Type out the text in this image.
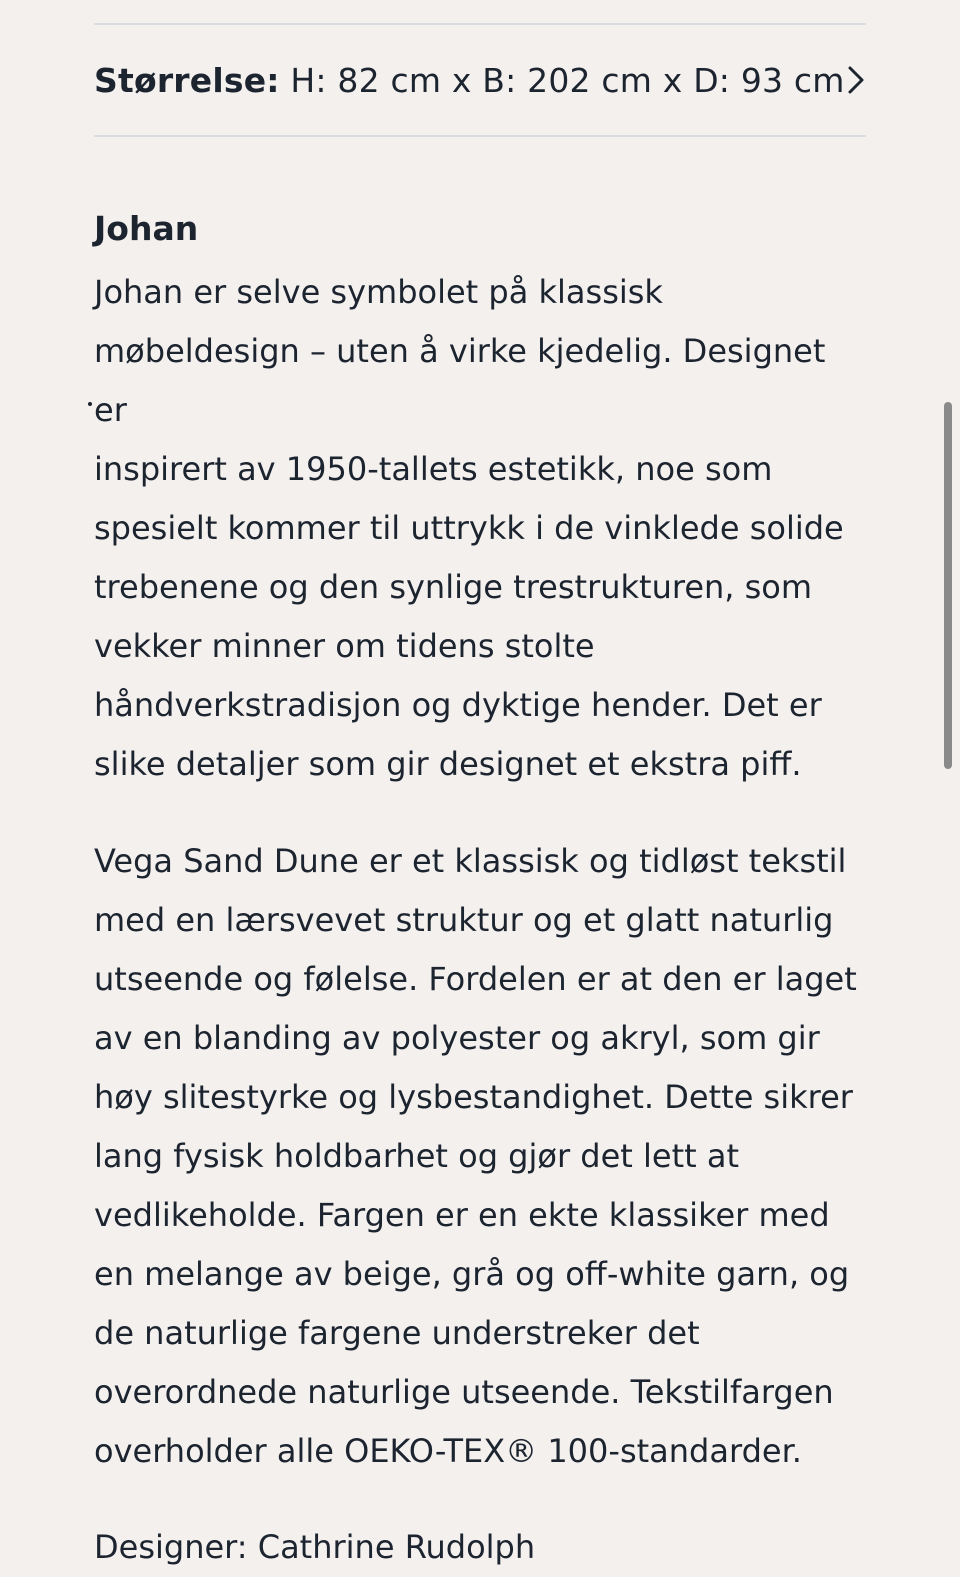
Størrelse: H: 82 cm x B: 202 cm x D: 93 cm
Johan

Johan er selve symbolet på klassisk
møbeldesign – uten å virke kjedelig. Designet er
inspirert av 1950-tallets estetikk, noe som
spesielt kommer til uttrykk i de vinklede solide
trebenene og den synlige trestrukturen, som
vekker minner om tidens stolte
håndverkstradisjon og dyktige hender. Det er
slike detaljer som gir designet et ekstra piff.

Vega Sand Dune er et klassisk og tidløst tekstil
med en lærsvevet struktur og et glatt naturlig
utseende og følelse. Fordelen er at den er laget
av en blanding av polyester og akryl, som gir
høy slitestyrke og lysbestandighet. Dette sikrer
lang fysisk holdbarhet og gjør det lett at
vedlikeholde. Fargen er en ekte klassiker med
en melange av beige, grå og off-white garn, og
de naturlige fargene understreker det
overordnede naturlige utseende. Tekstilfargen
overholder alle OEKO-TEX® 100-standarder.

Designer: Cathrine Rudolph
